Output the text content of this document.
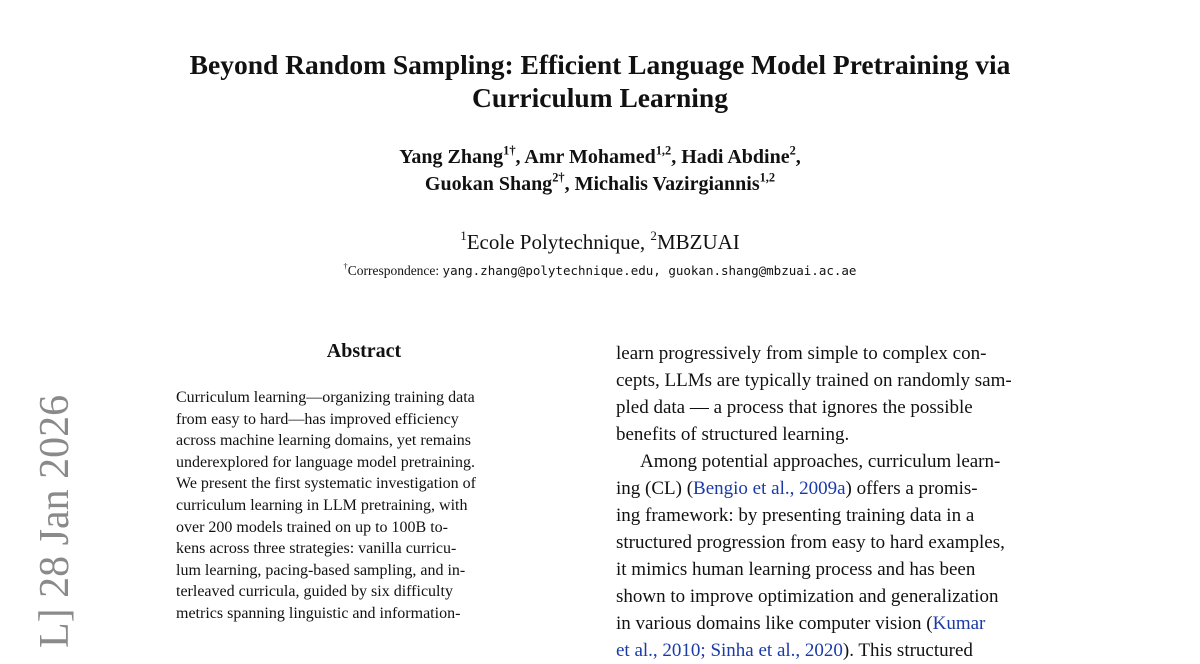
Beyond Random Sampling: Efficient Language Model Pretraining via
Curriculum Learning
Yang Zhang$^{1\dagger}$, Amr Mohamed$^{1,2}$, Hadi Abdine$^2$,
Guokan Shang$^{2\dagger}$, Michalis Vazirgiannis$^{1,2}$
$^1$Ecole Polytechnique, $^2$MBZUAI
†Correspondence: yang.zhang@polytechnique.edu, guokan.shang@mbzuai.ac.ae
Abstract
Curriculum learning—organizing training data
from easy to hard—has improved efficiency
across machine learning domains, yet remains
underexplored for language model pretraining.
We present the first systematic investigation of
curriculum learning in LLM pretraining, with
over 200 models trained on up to 100B to-
kens across three strategies: vanilla curricu-
lum learning, pacing-based sampling, and in-
terleaved curricula, guided by six difficulty
metrics spanning linguistic and information-

learn progressively from simple to complex con-
cepts, LLMs are typically trained on randomly sam-
pled data — a process that ignores the possible
benefits of structured learning.

Among potential approaches, curriculum learn-
ing (CL) (Bengio et al., 2009a) offers a promis-
ing framework: by presenting training data in a
structured progression from easy to hard examples,
it mimics human learning process and has been
shown to improve optimization and generalization
in various domains like computer vision (Kumar
et al., 2010; Sinha et al., 2020). This structured

L] 28 Jan 2026
